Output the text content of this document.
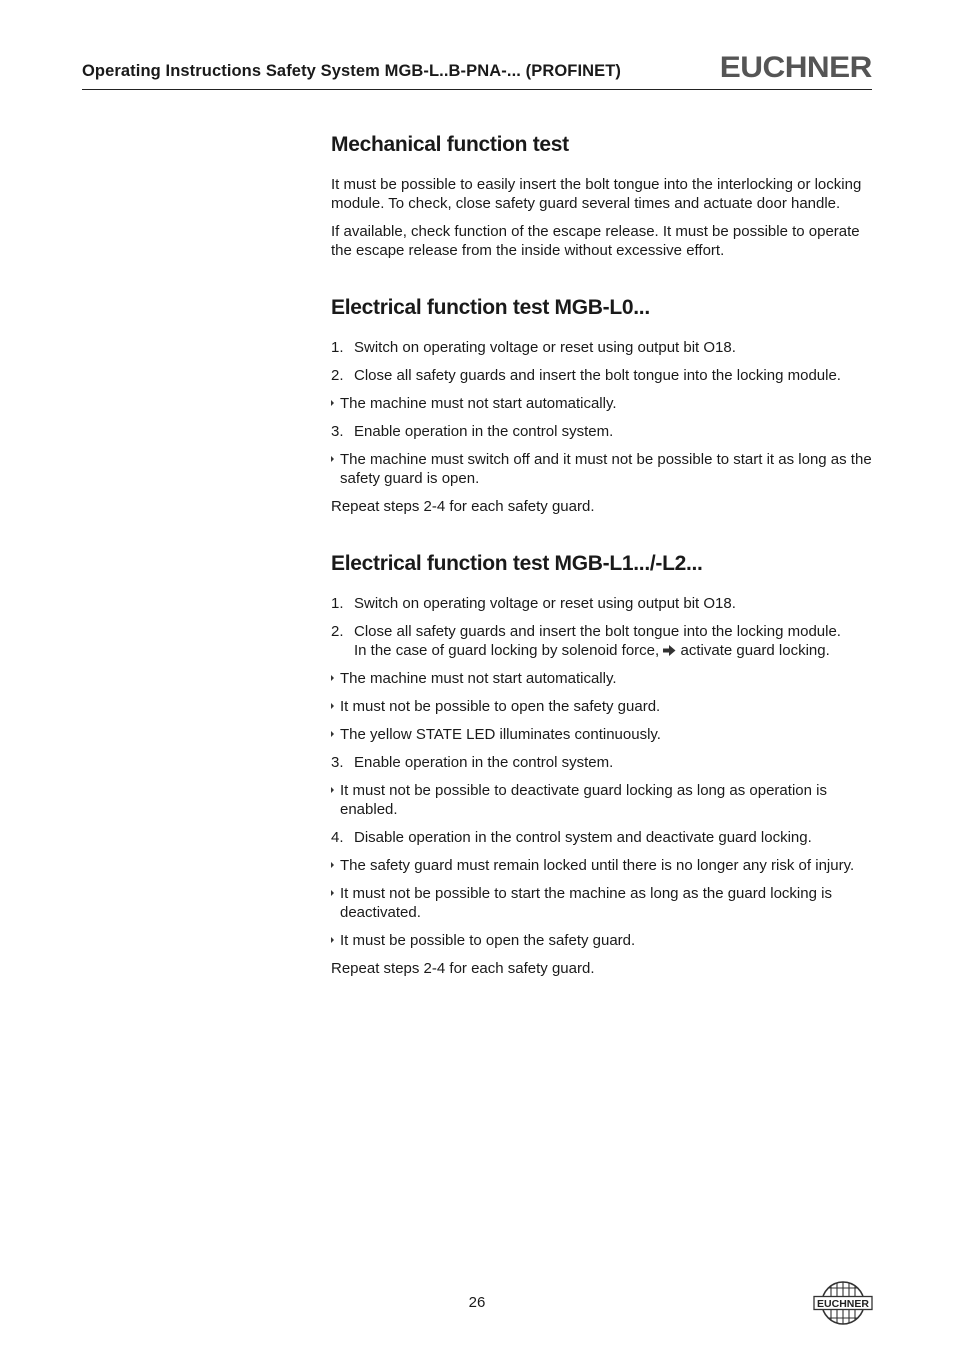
Operating Instructions Safety System MGB-L..B-PNA-... (PROFINET)	EUCHNER
Mechanical function test

It must be possible to easily insert the bolt tongue into the interlocking or locking module. To check, close safety guard several times and actuate door handle.

If available, check function of the escape release. It must be possible to operate the escape release from the inside without excessive effort.

Electrical function test MGB-L0...
1. Switch on operating voltage or reset using output bit O18.
2. Close all safety guards and insert the bolt tongue into the locking module.
The machine must not start automatically.
3. Enable operation in the control system.
The machine must switch off and it must not be possible to start it as long as the safety guard is open.

Repeat steps 2-4 for each safety guard.

Electrical function test MGB-L1.../-L2...
1. Switch on operating voltage or reset using output bit O18.
2. Close all safety guards and insert the bolt tongue into the locking module.
In the case of guard locking by solenoid force, activate guard locking.
The machine must not start automatically.
It must not be possible to open the safety guard.
The yellow STATE LED illuminates continuously.
3. Enable operation in the control system.
It must not be possible to deactivate guard locking as long as operation is enabled.
4. Disable operation in the control system and deactivate guard locking.
The safety guard must remain locked until there is no longer any risk of injury.
It must not be possible to start the machine as long as the guard locking is deactivated.
It must be possible to open the safety guard.

Repeat steps 2-4 for each safety guard.

26	EUCHNER
